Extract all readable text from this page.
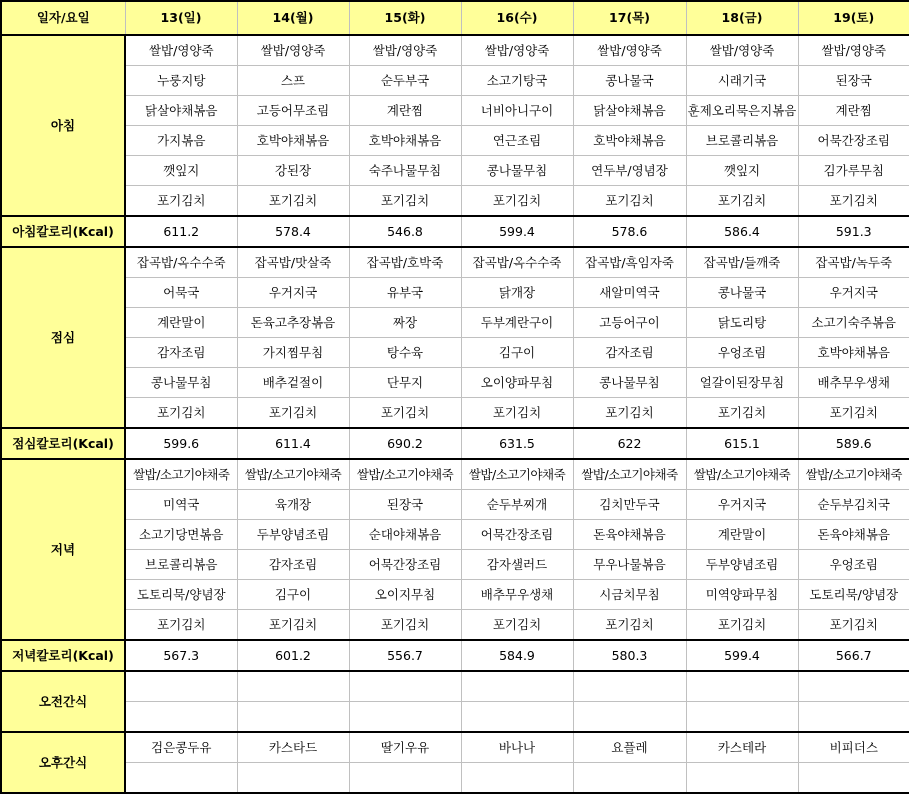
일자/요일	13(일)	14(월)	15(화)	16(수)	17(목)	18(금)	19(토)
아침	쌀밥/영양죽	쌀밥/영양죽	쌀밥/영양죽	쌀밥/영양죽	쌀밥/영양죽	쌀밥/영양죽	쌀밥/영양죽
	누룽지탕	스프	순두부국	소고기탕국	콩나물국	시래기국	된장국
	닭살야채볶음	고등어무조림	계란찜	너비아니구이	닭살야채볶음	훈제오리묵은지볶음	계란찜
	가지볶음	호박야채볶음	호박야채볶음	연근조림	호박야채볶음	브로콜리볶음	어묵간장조림
	깻잎지	강된장	숙주나물무침	콩나물무침	연두부/영념장	깻잎지	김가루무침
	포기김치	포기김치	포기김치	포기김치	포기김치	포기김치	포기김치
아침칼로리(Kcal)	611.2	578.4	546.8	599.4	578.6	586.4	591.3
점심	잡곡밥/옥수수죽	잡곡밥/맛살죽	잡곡밥/호박죽	잡곡밥/옥수수죽	잡곡밥/흑임자죽	잡곡밥/들깨죽	잡곡밥/녹두죽
	어묵국	우거지국	유부국	닭개장	새알미역국	콩나물국	우거지국
	계란말이	돈육고추장볶음	짜장	두부계란구이	고등어구이	닭도리탕	소고기숙주볶음
	감자조림	가지찜무침	탕수육	김구이	감자조림	우엉조림	호박야채볶음
	콩나물무침	배추겉절이	단무지	오이양파무침	콩나물무침	얼갈이된장무침	배추무우생채
	포기김치	포기김치	포기김치	포기김치	포기김치	포기김치	포기김치
점심칼로리(Kcal)	599.6	611.4	690.2	631.5	622	615.1	589.6
저녁	쌀밥/소고기야채죽	쌀밥/소고기야채죽	쌀밥/소고기야채죽	쌀밥/소고기야채죽	쌀밥/소고기야채죽	쌀밥/소고기야채죽	쌀밥/소고기야채죽
	미역국	육개장	된장국	순두부찌개	김치만두국	우거지국	순두부김치국
	소고기당면볶음	두부양념조림	순대야채볶음	어묵간장조림	돈육야채볶음	계란말이	돈육야채볶음
	브로콜리볶음	감자조림	어묵간장조림	감자샐러드	무우나물볶음	두부양념조림	우엉조림
	도토리묵/양념장	김구이	오이지무침	배추무우생채	시금치무침	미역양파무침	도토리묵/양념장
	포기김치	포기김치	포기김치	포기김치	포기김치	포기김치	포기김치
저녁칼로리(Kcal)	567.3	601.2	556.7	584.9	580.3	599.4	566.7
오전간식							

오후간식	검은콩두유	카스타드	딸기우유	바나나	요플레	카스테라	비피더스
